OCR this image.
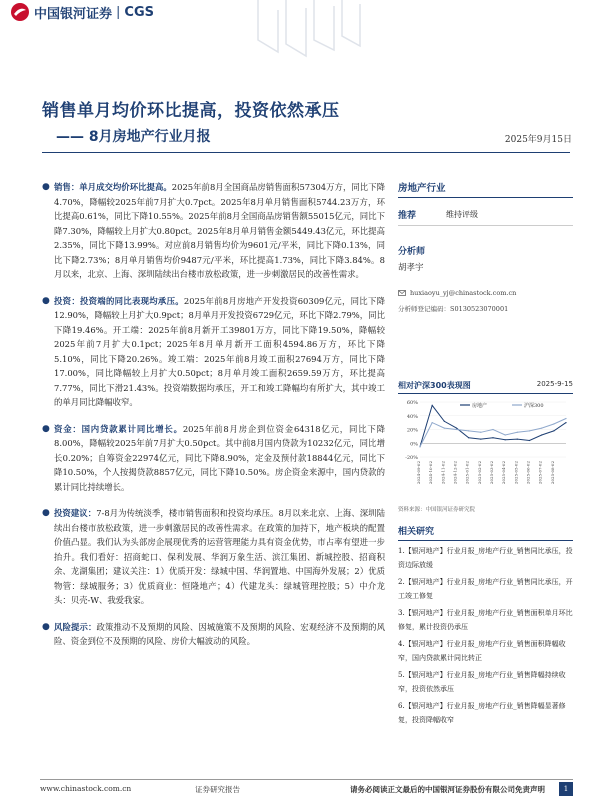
中国银河证券 | CGS
销售单月均价环比提高，投资依然承压
—— 8月房地产行业月报	2025年9月15日

● 销售：单月成交均价环比提高。2025年前8月全国商品房销售面积57304万方，同比下降4.70%，降幅较2025年前7月扩大0.7pct。2025年8月单月销售面积5744.23万方，环比提高0.61%，同比下降10.55%。2025年前8月全国商品房销售额55015亿元，同比下降7.30%，降幅较上月扩大0.80pct。2025年8月单月销售金额5449.43亿元，环比提高2.35%，同比下降13.99%。对应前8月销售均价为9601元/平米，同比下降0.13%，同比下降2.73%；8月单月销售均价9487元/平米，环比提高1.73%，同比下降3.84%。8月以来，北京、上海、深圳陆续出台楼市放松政策，进一步刺激居民的改善性需求。

● 投资：投资端的同比表现均承压。2025年前8月房地产开发投资60309亿元，同比下降12.90%，降幅较上月扩大0.9pct；8月单月开发投资6729亿元，环比下降2.79%，同比下降19.46%。开工端：2025年前8月新开工39801万方，同比下降19.50%，降幅较2025年前7月扩大0.1pct；2025年8月单月新开工面积4594.86万方，环比下降5.10%，同比下降20.26%。竣工端：2025年前8月竣工面积27694万方，同比下降17.00%，同比降幅较上月扩大0.50pct；8月单月竣工面积2659.59万方，环比提高7.77%，同比下滑21.43%。投资端数据均承压，开工和竣工降幅均有所扩大，其中竣工的单月同比降幅收窄。

● 资金：国内贷款累计同比增长。2025年前8月房企到位资金64318亿元，同比下降8.00%，降幅较2025年前7月扩大0.50pct。其中前8月国内贷款为10232亿元，同比增长0.20%；自筹资金22974亿元，同比下降8.90%，定金及预付款18844亿元，同比下降10.50%，个人按揭贷款8857亿元，同比下降10.50%。房企资金来源中，国内贷款的累计同比持续增长。

● 投资建议：7-8月为传统淡季，楼市销售面积和投资均承压。8月以来北京、上海、深圳陆续出台楼市放松政策，进一步刺激居民的改善性需求。在政策的加持下，地产板块的配置价值凸显。我们认为头部房企展现优秀的运营管理能力具有资金优势，市占率有望进一步抬升。我们看好：招商蛇口、保利发展、华润万象生活、滨江集团、新城控股、招商积余、龙湖集团；建议关注：1）优质开发：绿城中国、华润置地、中国海外发展；2）优质物管：绿城服务；3）优质商业：恒隆地产；4）代建龙头：绿城管理控股；5）中介龙头：贝壳-W、我爱我家。

● 风险提示：政策推动不及预期的风险、因城施策不及预期的风险、宏观经济不及预期的风险、资金到位不及预期的风险、房价大幅波动的风险。

房地产行业
推荐	维持评级
分析师
胡孝宇
huxiaoyu_yj@chinastock.com.cn
分析师登记编码：S0130523070001
相对沪深300表现图	2025-9-15
60%
40%
20%
0%
-20%
2024-09-02 2024-10-02 2024-11-02 2024-12-02 2025-01-02 2025-02-02 2025-03-02 2025-04-02 2025-05-02 2025-06-02 2025-07-02 2025-08-02
房地产	沪深300
资料来源：中国银河证券研究院
相关研究
1.【银河地产】行业月报_房地产行业_销售同比承压，投资边际放缓
2.【银河地产】行业月报_房地产行业_销售同比承压，开工竣工修复
3.【银河地产】行业月报_房地产行业_销售面积单月环比修复，累计投资仍承压
4.【银河地产】行业月报_房地产行业_销售面积降幅收窄，国内贷款累计同比转正
5.【银河地产】行业月报_房地产行业_销售降幅持续收窄，投资依然承压
6.【银河地产】行业月报_房地产行业_销售降幅显著修复，投资降幅收窄
www.chinastock.com.cn	证券研究报告	请务必阅读正文最后的中国银河证券股份有限公司免责声明	1
